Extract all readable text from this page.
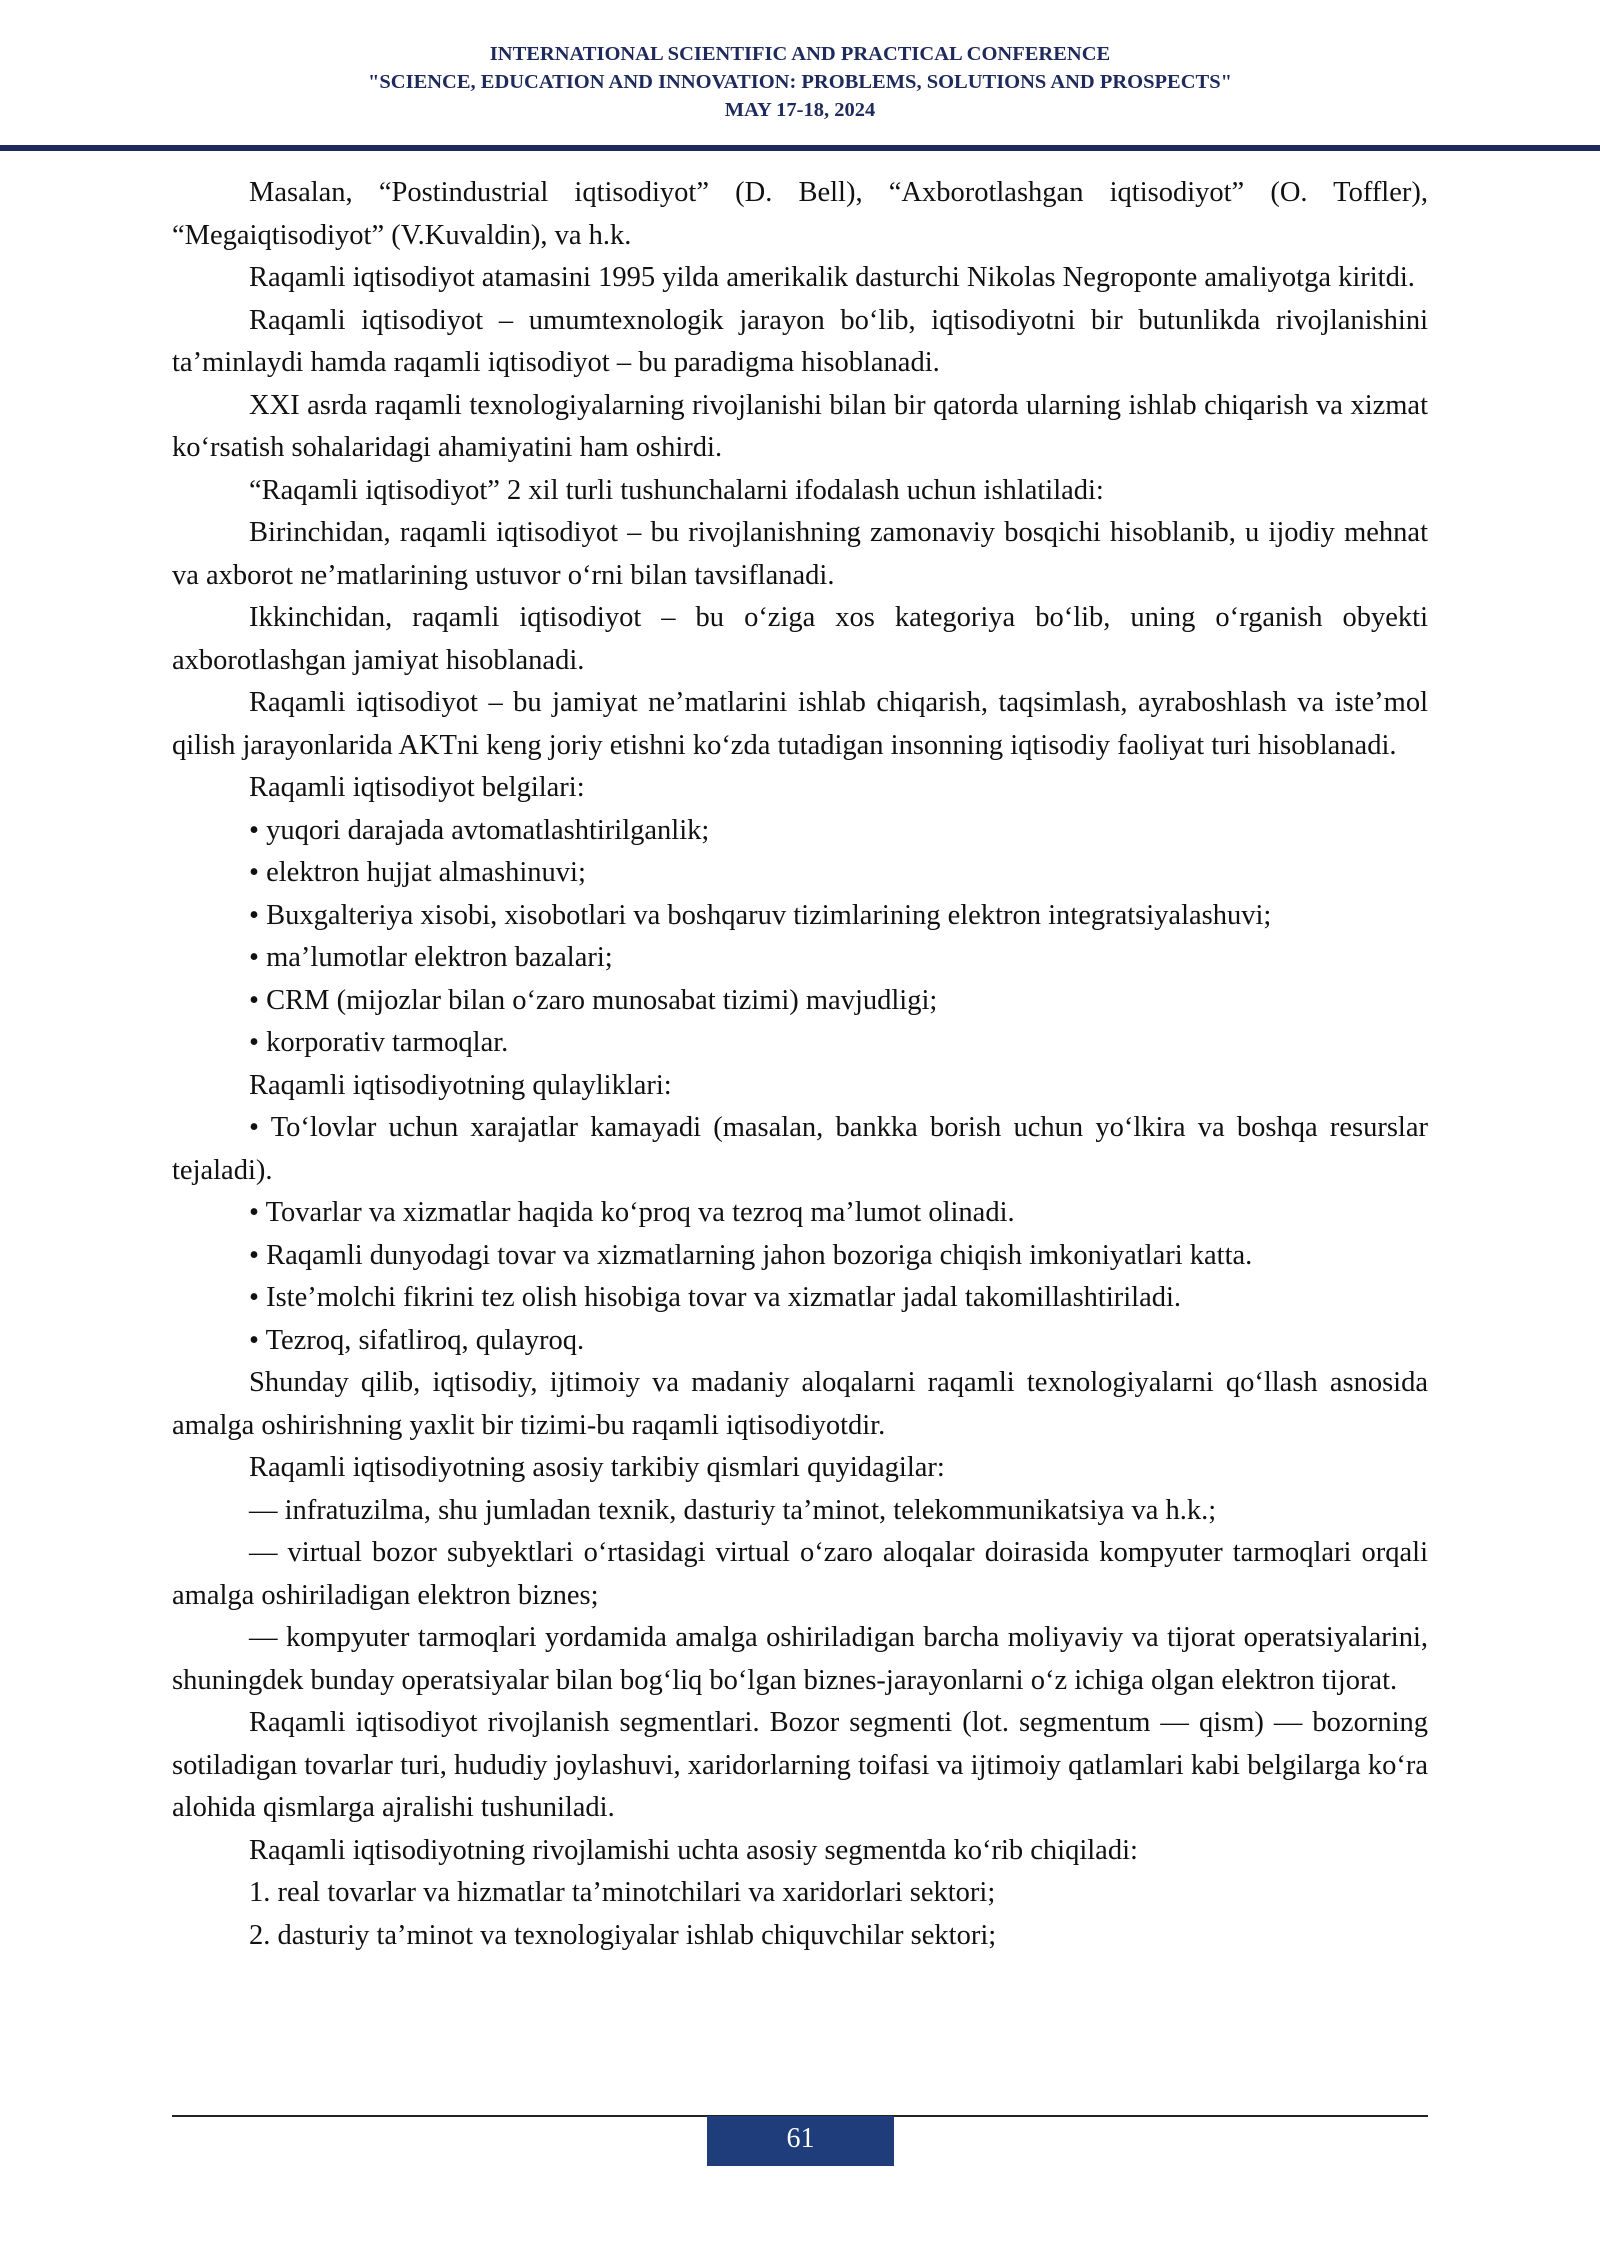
INTERNATIONAL SCIENTIFIC AND PRACTICAL CONFERENCE
"SCIENCE, EDUCATION AND INNOVATION: PROBLEMS, SOLUTIONS AND PROSPECTS"
MAY 17-18, 2024

Masalan, “Postindustrial iqtisodiyot” (D. Bell), “Axborotlashgan iqtisodiyot” (O. Toffler), “Megaiqtisodiyot” (V.Kuvaldin), va h.k.

Raqamli iqtisodiyot atamasini 1995 yilda amerikalik dasturchi Nikolas Negroponte amaliyotga kiritdi.

Raqamli iqtisodiyot – umumtexnologik jarayon bo‘lib, iqtisodiyotni bir butunlikda rivojlanishini ta’minlaydi hamda raqamli iqtisodiyot – bu paradigma hisoblanadi.

XXI asrda raqamli texnologiyalarning rivojlanishi bilan bir qatorda ularning ishlab chiqarish va xizmat ko‘rsatish sohalaridagi ahamiyatini ham oshirdi.

“Raqamli iqtisodiyot” 2 xil turli tushunchalarni ifodalash uchun ishlatiladi:

Birinchidan, raqamli iqtisodiyot – bu rivojlanishning zamonaviy bosqichi hisoblanib, u ijodiy mehnat va axborot ne’matlarining ustuvor o‘rni bilan tavsiflanadi.

Ikkinchidan, raqamli iqtisodiyot – bu o‘ziga xos kategoriya bo‘lib, uning o‘rganish obyekti axborotlashgan jamiyat hisoblanadi.

Raqamli iqtisodiyot – bu jamiyat ne’matlarini ishlab chiqarish, taqsimlash, ayraboshlash va iste’mol qilish jarayonlarida AKTni keng joriy etishni ko‘zda tutadigan insonning iqtisodiy faoliyat turi hisoblanadi.

Raqamli iqtisodiyot belgilari:

• yuqori darajada avtomatlashtirilganlik;

• elektron hujjat almashinuvi;

• Buxgalteriya xisobi, xisobotlari va boshqaruv tizimlarining elektron integratsiyalashuvi;

• ma’lumotlar elektron bazalari;

• CRM (mijozlar bilan o‘zaro munosabat tizimi) mavjudligi;

• korporativ tarmoqlar.

Raqamli iqtisodiyotning qulayliklari:

• To‘lovlar uchun xarajatlar kamayadi (masalan, bankka borish uchun yo‘lkira va boshqa resurslar tejaladi).

• Tovarlar va xizmatlar haqida ko‘proq va tezroq ma’lumot olinadi.

• Raqamli dunyodagi tovar va xizmatlarning jahon bozoriga chiqish imkoniyatlari katta.

• Iste’molchi fikrini tez olish hisobiga tovar va xizmatlar jadal takomillashtiriladi.

• Tezroq, sifatliroq, qulayroq.

Shunday qilib, iqtisodiy, ijtimoiy va madaniy aloqalarni raqamli texnologiyalarni qo‘llash asnosida amalga oshirishning yaxlit bir tizimi-bu raqamli iqtisodiyotdir.

Raqamli iqtisodiyotning asosiy tarkibiy qismlari quyidagilar:

— infratuzilma, shu jumladan texnik, dasturiy ta’minot, telekommunikatsiya va h.k.;

— virtual bozor subyektlari o‘rtasidagi virtual o‘zaro aloqalar doirasida kompyuter tarmoqlari orqali amalga oshiriladigan elektron biznes;

— kompyuter tarmoqlari yordamida amalga oshiriladigan barcha moliyaviy va tijorat operatsiyalarini, shuningdek bunday operatsiyalar bilan bog‘liq bo‘lgan biznes-jarayonlarni o‘z ichiga olgan elektron tijorat.

Raqamli iqtisodiyot rivojlanish segmentlari. Bozor segmenti (lot. segmentum — qism) — bozorning sotiladigan tovarlar turi, hududiy joylashuvi, xaridorlarning toifasi va ijtimoiy qatlamlari kabi belgilarga ko‘ra alohida qismlarga ajralishi tushuniladi.

Raqamli iqtisodiyotning rivojlamishi uchta asosiy segmentda ko‘rib chiqiladi:

1. real tovarlar va hizmatlar ta’minotchilari va xaridorlari sektori;

2. dasturiy ta’minot va texnologiyalar ishlab chiquvchilar sektori;

61
